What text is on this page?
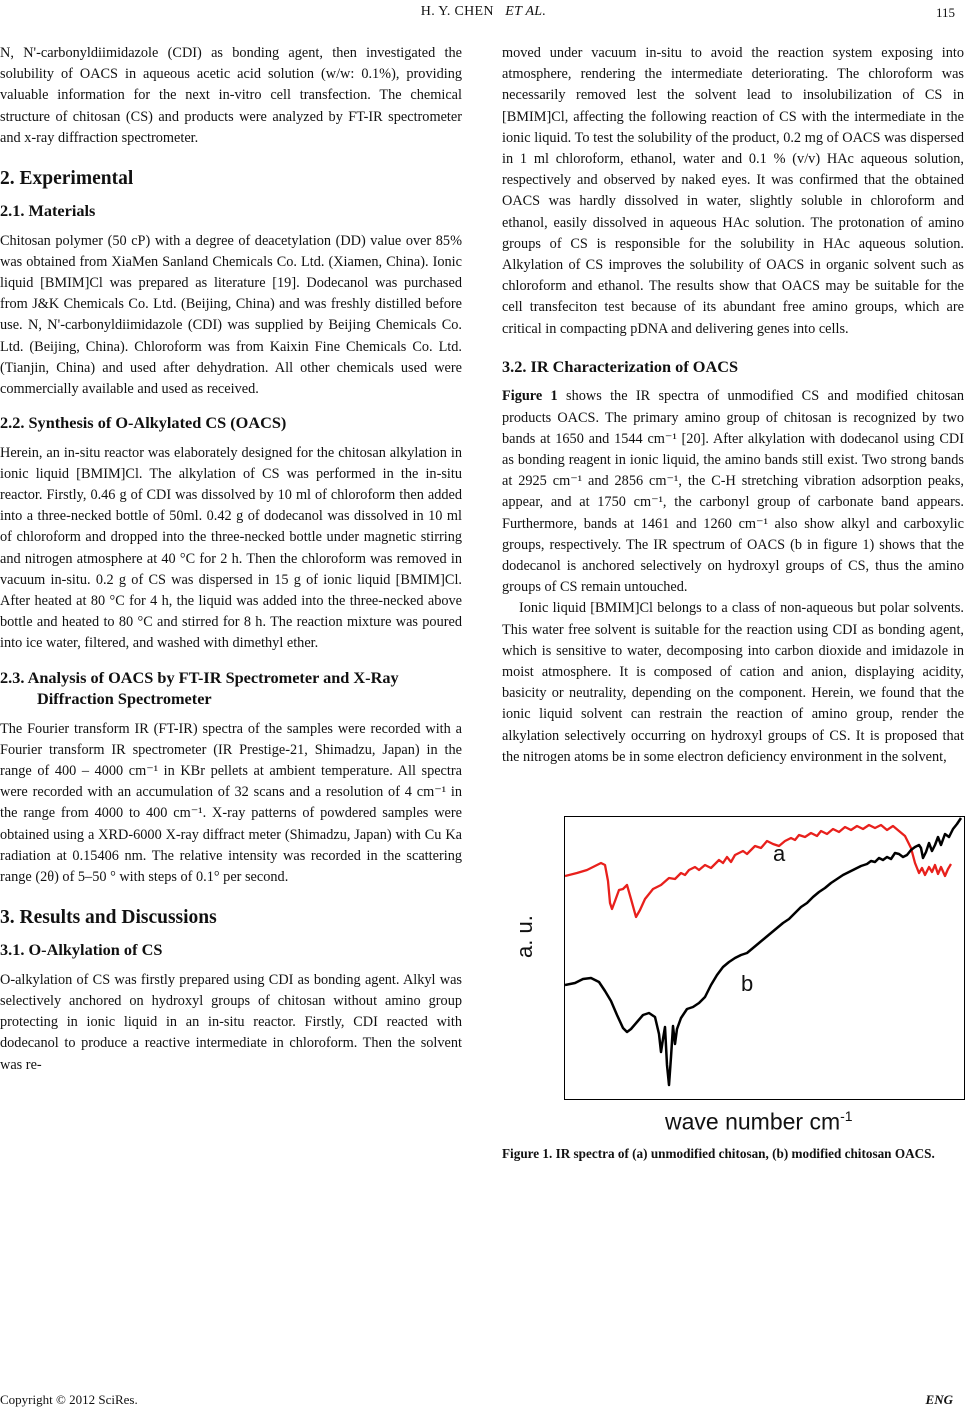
H. Y. CHEN ET AL.	115

N, N'-carbonyldiimidazole (CDI) as bonding agent, then investigated the solubility of OACS in aqueous acetic acid solution (w/w: 0.1%), providing valuable information for the next in-vitro cell transfection. The chemical structure of chitosan (CS) and products were analyzed by FT-IR spectrometer and x-ray diffraction spectrometer.

2. Experimental
2.1. Materials

Chitosan polymer (50 cP) with a degree of deacetylation (DD) value over 85% was obtained from XiaMen Sanland Chemicals Co. Ltd. (Xiamen, China). Ionic liquid [BMIM]Cl was prepared as literature [19]. Dodecanol was purchased from J&K Chemicals Co. Ltd. (Beijing, China) and was freshly distilled before use. N, N'-carbonyldiimidazole (CDI) was supplied by Beijing Chemicals Co. Ltd. (Beijing, China). Chloroform was from Kaixin Fine Chemicals Co. Ltd. (Tianjin, China) and used after dehydration. All other chemicals used were commercially available and used as received.

2.2. Synthesis of O-Alkylated CS (OACS)

Herein, an in-situ reactor was elaborately designed for the chitosan alkylation in ionic liquid [BMIM]Cl. The alkylation of CS was performed in the in-situ reactor. Firstly, 0.46 g of CDI was dissolved by 10 ml of chloroform then added into a three-necked bottle of 50ml. 0.42 g of dodecanol was dissolved in 10 ml of chloroform and dropped into the three-necked bottle under magnetic stirring and nitrogen atmosphere at 40 °C for 2 h. Then the chloroform was removed in vacuum in-situ. 0.2 g of CS was dispersed in 15 g of ionic liquid [BMIM]Cl. After heated at 80 °C for 4 h, the liquid was added into the three-necked above bottle and heated to 80 °C and stirred for 8 h. The reaction mixture was poured into ice water, filtered, and washed with dimethyl ether.

2.3. Analysis of OACS by FT-IR Spectrometer and X-Ray Diffraction Spectrometer

The Fourier transform IR (FT-IR) spectra of the samples were recorded with a Fourier transform IR spectrometer (IR Prestige-21, Shimadzu, Japan) in the range of 400 – 4000 cm⁻¹ in KBr pellets at ambient temperature. All spectra were recorded with an accumulation of 32 scans and a resolution of 4 cm⁻¹ in the range from 4000 to 400 cm⁻¹. X-ray patterns of powdered samples were obtained using a XRD-6000 X-ray diffract meter (Shimadzu, Japan) with Cu Ka radiation at 0.15406 nm. The relative intensity was recorded in the scattering range (2θ) of 5–50 ° with steps of 0.1° per second.

3. Results and Discussions
3.1. O-Alkylation of CS

O-alkylation of CS was firstly prepared using CDI as bonding agent. Alkyl was selectively anchored on hydroxyl groups of chitosan without amino group protecting in ionic liquid in an in-situ reactor. Firstly, CDI reacted with dodecanol to produce a reactive intermediate in chloroform. Then the solvent was re-

moved under vacuum in-situ to avoid the reaction system exposing into atmosphere, rendering the intermediate deteriorating. The chloroform was necessarily removed lest the solvent lead to insolubilization of CS in [BMIM]Cl, affecting the following reaction of CS with the intermediate in the ionic liquid. To test the solubility of the product, 0.2 mg of OACS was dispersed in 1 ml chloroform, ethanol, water and 0.1 % (v/v) HAc aqueous solution, respectively and observed by naked eyes. It was confirmed that the obtained OACS was hardly dissolved in water, slightly soluble in chloroform and ethanol, easily dissolved in aqueous HAc solution. The protonation of amino groups of CS is responsible for the solubility in HAc aqueous solution. Alkylation of CS improves the solubility of OACS in organic solvent such as chloroform and ethanol. The results show that OACS may be suitable for the cell transfeciton test because of its abundant free amino groups, which are critical in compacting pDNA and delivering genes into cells.

3.2. IR Characterization of OACS

Figure 1 shows the IR spectra of unmodified CS and modified chitosan products OACS. The primary amino group of chitosan is recognized by two bands at 1650 and 1544 cm⁻¹ [20]. After alkylation with dodecanol using CDI as bonding reagent in ionic liquid, the amino bands still exist. Two strong bands at 2925 cm⁻¹ and 2856 cm⁻¹, the C-H stretching vibration adsorption peaks, appear, and at 1750 cm⁻¹, the carbonyl group of carbonate band appears. Furthermore, bands at 1461 and 1260 cm⁻¹ also show alkyl and carboxylic groups, respectively. The IR spectrum of OACS (b in figure 1) shows that the dodecanol is anchored selectively on hydroxyl groups of CS, thus the amino groups of CS remain untouched.

Ionic liquid [BMIM]Cl belongs to a class of non-aqueous but polar solvents. This water free solvent is suitable for the reaction using CDI as bonding agent, which is sensitive to water, decomposing into carbon dioxide and imidazole in moist atmosphere. It is composed of cation and anion, displaying acidity, basicity or neutrality, depending on the component. Herein, we found that the ionic liquid solvent can restrain the reaction of amino group, render the alkylation selectively occurring on hydroxyl groups of CS. It is proposed that the nitrogen atoms be in some electron deficiency environment in the solvent,

a
b
a. u.
wave number $cm^{-1}$
Figure 1. IR spectra of (a) unmodified chitosan, (b) modified chitosan OACS.
Copyright © 2012 SciRes.	ENG
